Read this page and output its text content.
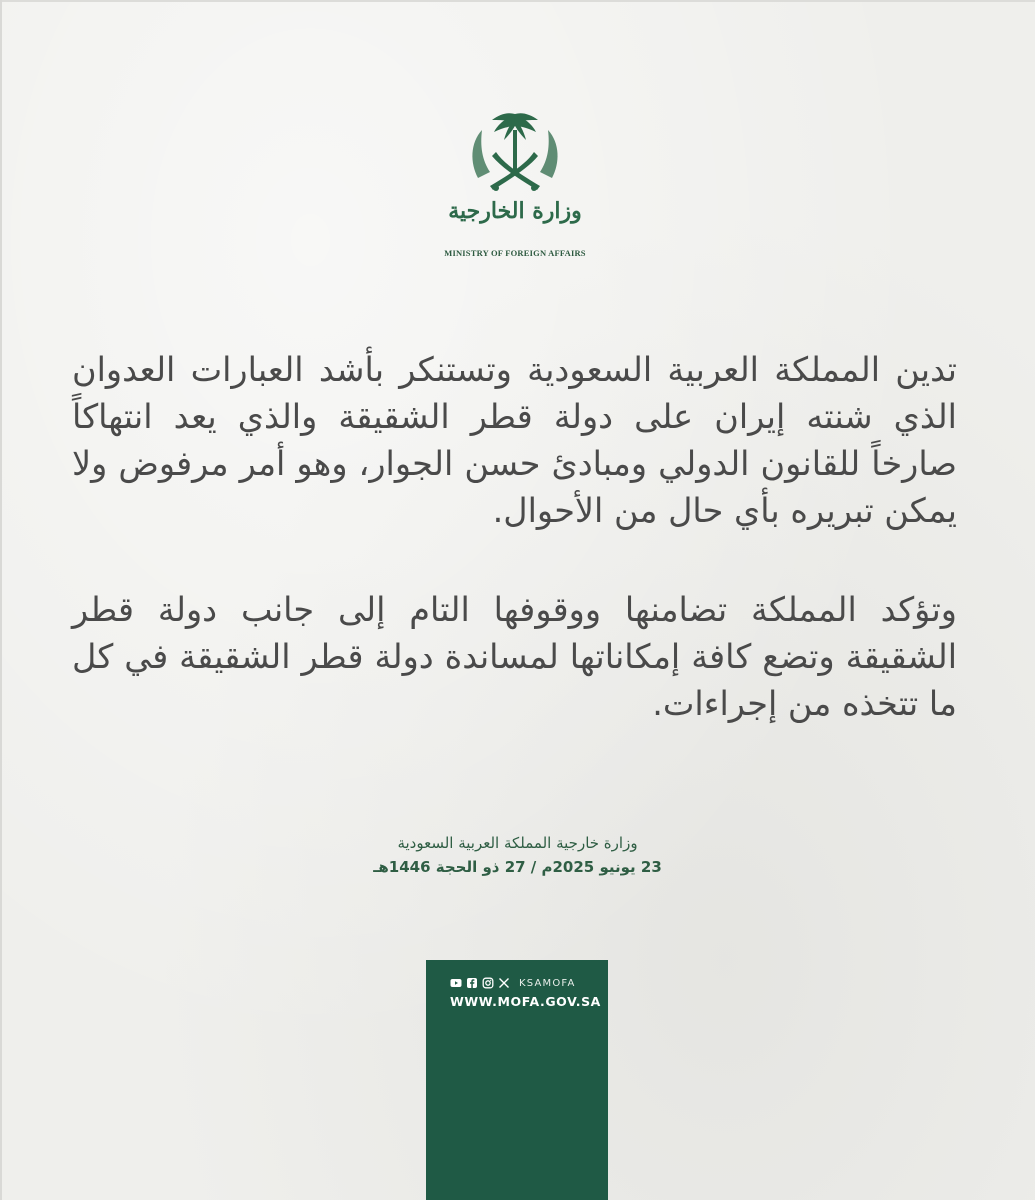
وزارة الخارجية
MINISTRY OF FOREIGN AFFAIRS

تدين المملكة العربية السعودية وتستنكر بأشد العبارات العدوان الذي شنته إيران على دولة قطر الشقيقة والذي يعد انتهاكاً صارخاً للقانون الدولي ومبادئ حسن الجوار، وهو أمر مرفوض ولا يمكن تبريره بأي حال من الأحوال.

وتؤكد المملكة تضامنها ووقوفها التام إلى جانب دولة قطر الشقيقة وتضع كافة إمكاناتها لمساندة دولة قطر الشقيقة في كل ما تتخذه من إجراءات.

وزارة خارجية المملكة العربية السعودية
23 يونيو 2025م / 27 ذو الحجة 1446هـ
KSAMOFA
WWW.MOFA.GOV.SA
